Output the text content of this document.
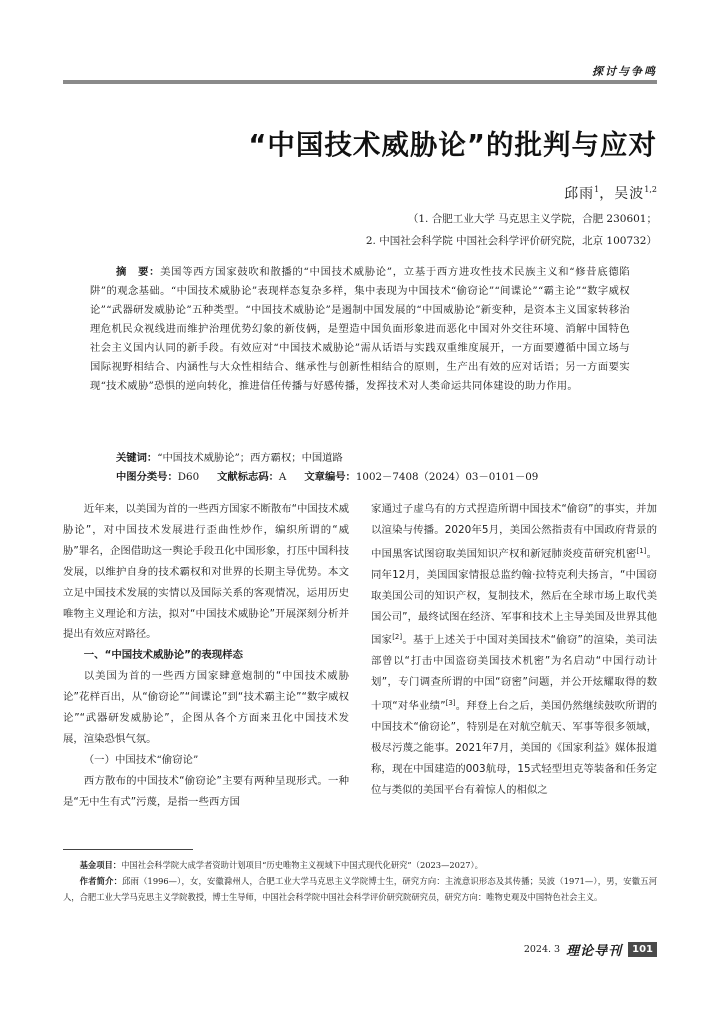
探讨与争鸣
“中国技术威胁论”的批判与应对
邱雨$^1$，吴波$^{1,2}$
（1. 合肥工业大学 马克思主义学院，合肥 230601；
2. 中国社会科学院 中国社会科学评价研究院，北京 100732）
摘　要：美国等西方国家鼓吹和散播的“中国技术威胁论”，立基于西方进攻性技术民族主义和“修昔底德陷阱”的观念基础。“中国技术威胁论”表现样态复杂多样，集中表现为中国技术“偷窃论”“间谍论”“霸主论”“数字威权论”“武器研发威胁论”五种类型。“中国技术威胁论”是遏制中国发展的“中国威胁论”新变种，是资本主义国家转移治理危机民众视线进而维护治理优势幻象的新伎俩，是塑造中国负面形象进而恶化中国对外交往环境、消解中国特色社会主义国内认同的新手段。有效应对“中国技术威胁论”需从话语与实践双重维度展开，一方面要遵循中国立场与国际视野相结合、内涵性与大众性相结合、继承性与创新性相结合的原则，生产出有效的应对话语；另一方面要实现“技术威胁”恐惧的逆向转化，推进信任传播与好感传播，发挥技术对人类命运共同体建设的助力作用。
关键词：“中国技术威胁论”；西方霸权；中国道路
中图分类号：D60 文献标志码：A 文章编号：1002－7408（2024）03－0101－09

近年来，以美国为首的一些西方国家不断散布“中国技术威胁论”，对中国技术发展进行歪曲性炒作，编织所谓的“威胁”罪名，企图借助这一舆论手段丑化中国形象，打压中国科技发展，以维护自身的技术霸权和对世界的长期主导优势。本文立足中国技术发展的实情以及国际关系的客观情况，运用历史唯物主义理论和方法，拟对“中国技术威胁论”开展深刻分析并提出有效应对路径。

一、“中国技术威胁论”的表现样态

以美国为首的一些西方国家肆意炮制的“中国技术威胁论”花样百出，从“偷窃论”“间谍论”到“技术霸主论”“数字威权论”“武器研发威胁论”，企图从各个方面来丑化中国技术发展，渲染恐惧气氛。

（一）中国技术“偷窃论”

西方散布的中国技术“偷窃论”主要有两种呈现形式。一种是“无中生有式”污蔑，是指一些西方国

家通过子虚乌有的方式捏造所谓中国技术“偷窃”的事实，并加以渲染与传播。2020年5月，美国公然指责有中国政府背景的中国黑客试图窃取美国知识产权和新冠肺炎疫苗研究机密[1]。同年12月，美国国家情报总监约翰·拉特克利夫扬言，“中国窃取美国公司的知识产权，复制技术，然后在全球市场上取代美国公司”，最终试图在经济、军事和技术上主导美国及世界其他国家[2]。基于上述关于中国对美国技术“偷窃”的渲染，美司法部曾以“打击中国盗窃美国技术机密”为名启动“中国行动计划”，专门调查所谓的中国“窃密”问题，并公开炫耀取得的数十项“对华业绩”[3]。拜登上台之后，美国仍然继续鼓吹所谓的中国技术“偷窃论”，特别是在对航空航天、军事等很多领域，极尽污蔑之能事。2021年7月，美国的《国家利益》媒体报道称，现在中国建造的003航母，15式轻型坦克等装备和任务定位与类似的美国平台有着惊人的相似之

基金项目：中国社会科学院大成学者资助计划项目“历史唯物主义视域下中国式现代化研究”（2023—2027）。

作者简介：邱雨（1996—），女，安徽滁州人，合肥工业大学马克思主义学院博士生，研究方向：主流意识形态及其传播；吴波（1971—），男，安徽五河人，合肥工业大学马克思主义学院教授，博士生导师，中国社会科学院中国社会科学评价研究院研究员，研究方向：唯物史观及中国特色社会主义。

2024. 3 理论导刊	101
